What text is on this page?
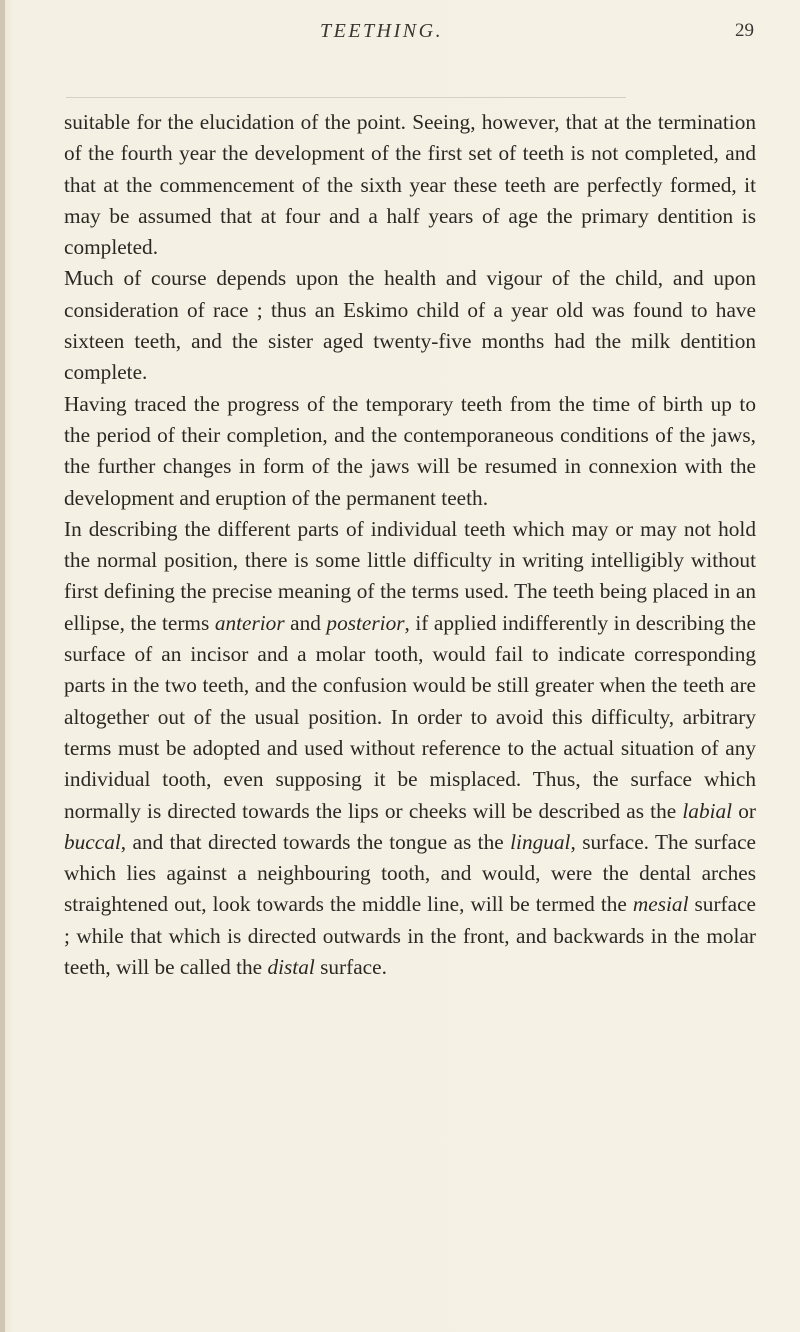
TEETHING.	29

suitable for the elucidation of the point. Seeing, however, that at the termination of the fourth year the development of the first set of teeth is not completed, and that at the commencement of the sixth year these teeth are perfectly formed, it may be assumed that at four and a half years of age the primary dentition is completed.

Much of course depends upon the health and vigour of the child, and upon consideration of race ; thus an Eskimo child of a year old was found to have sixteen teeth, and the sister aged twenty-five months had the milk dentition complete.

Having traced the progress of the temporary teeth from the time of birth up to the period of their completion, and the contemporaneous conditions of the jaws, the further changes in form of the jaws will be resumed in connexion with the development and eruption of the permanent teeth.

In describing the different parts of individual teeth which may or may not hold the normal position, there is some little difficulty in writing intelligibly without first defining the precise meaning of the terms used. The teeth being placed in an ellipse, the terms anterior and posterior, if applied indifferently in describing the surface of an incisor and a molar tooth, would fail to indicate corresponding parts in the two teeth, and the confusion would be still greater when the teeth are altogether out of the usual position. In order to avoid this difficulty, arbitrary terms must be adopted and used without reference to the actual situation of any individual tooth, even supposing it be misplaced. Thus, the surface which normally is directed towards the lips or cheeks will be described as the labial or buccal, and that directed towards the tongue as the lingual, surface. The surface which lies against a neighbouring tooth, and would, were the dental arches straightened out, look towards the middle line, will be termed the mesial surface ; while that which is directed outwards in the front, and backwards in the molar teeth, will be called the distal surface.
